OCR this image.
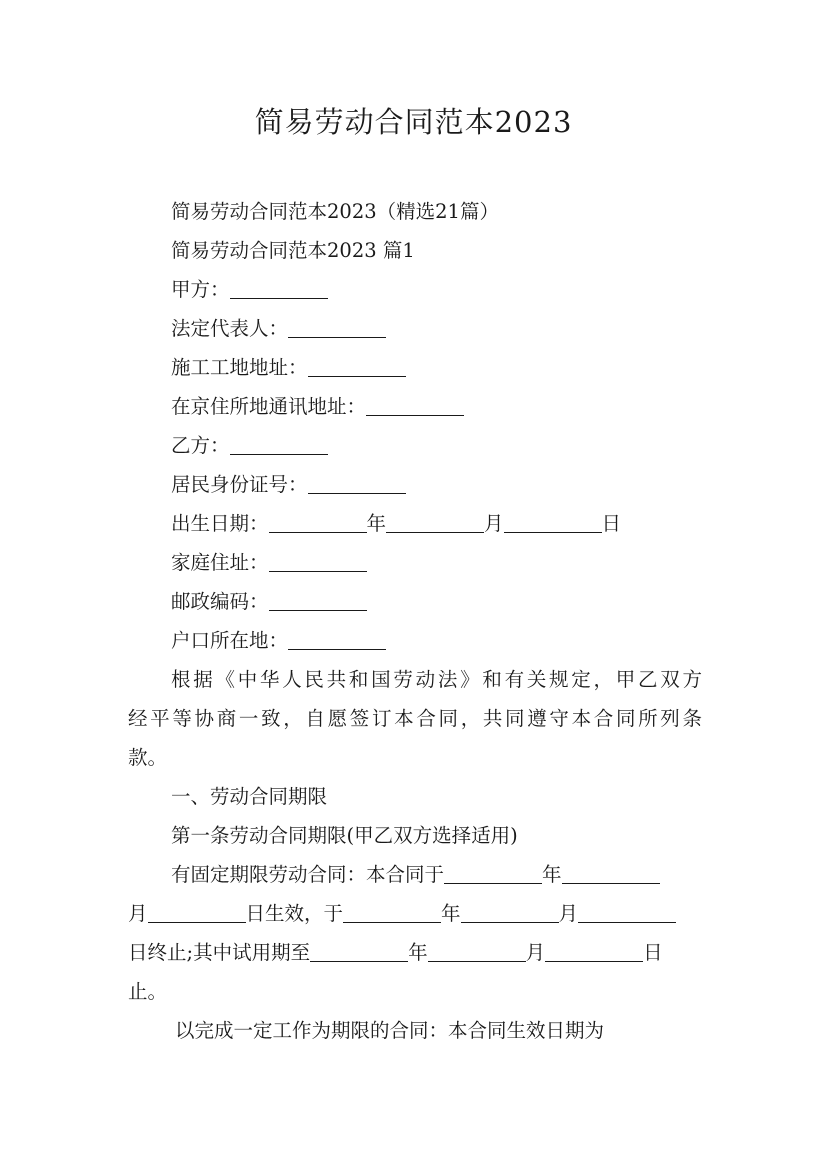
简易劳动合同范本2023
简易劳动合同范本2023（精选21篇）
简易劳动合同范本2023 篇1
甲方：
法定代表人：
施工工地地址：
在京住所地通讯地址：
乙方：
居民身份证号：
出生日期：	年	月	日
家庭住址：
邮政编码：
户口所在地：
根据《中华人民共和国劳动法》和有关规定，甲乙双方
经平等协商一致，自愿签订本合同，共同遵守本合同所列条
款。
一、劳动合同期限
第一条劳动合同期限(甲乙双方选择适用)
有固定期限劳动合同：本合同于	年
月	日生效，于	年	月
日终止;其中试用期至	年	月	日
止。
以完成一定工作为期限的合同：本合同生效日期为
